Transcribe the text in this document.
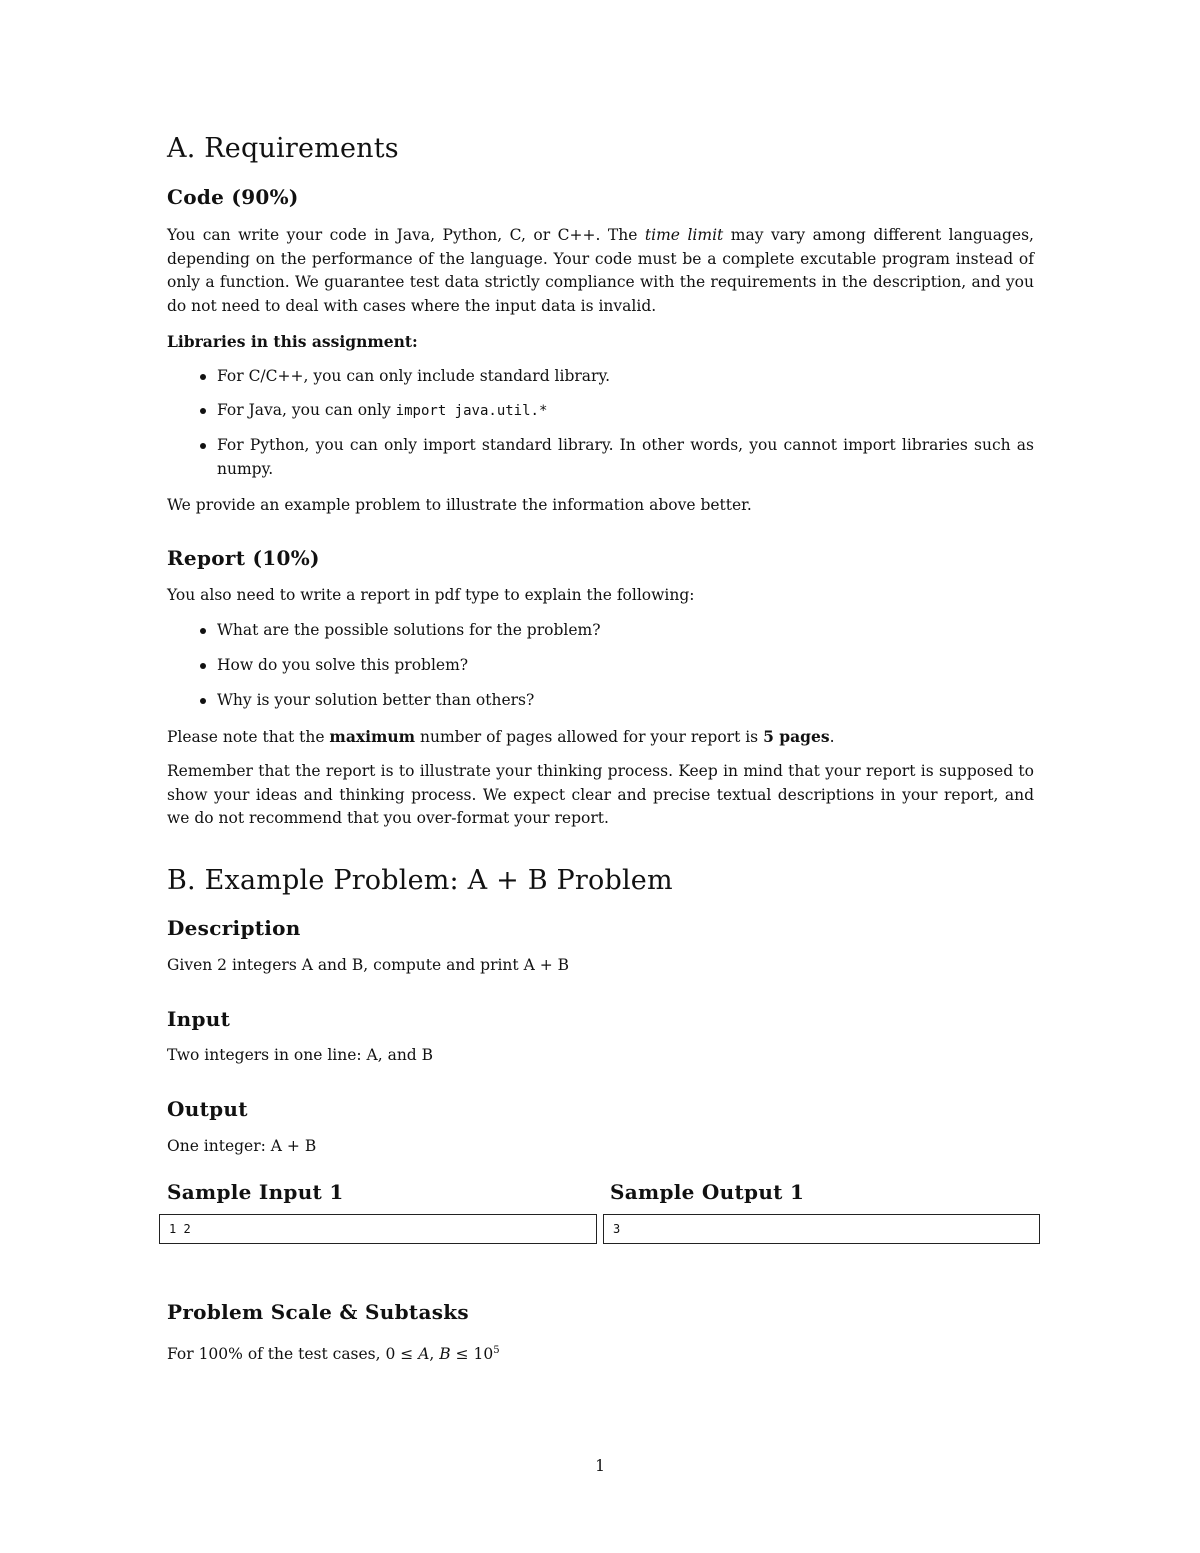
A. Requirements
Code (90%)

You can write your code in Java, Python, C, or C++. The time limit may vary among different languages, depending on the performance of the language. Your code must be a complete excutable program instead of only a function. We guarantee test data strictly compliance with the requirements in the description, and you do not need to deal with cases where the input data is invalid.

Libraries in this assignment:

For C/C++, you can only include standard library.
For Java, you can only import java.util.*
For Python, you can only import standard library. In other words, you cannot import libraries such as numpy.

We provide an example problem to illustrate the information above better.

Report (10%)

You also need to write a report in pdf type to explain the following:

What are the possible solutions for the problem?
How do you solve this problem?
Why is your solution better than others?

Please note that the maximum number of pages allowed for your report is 5 pages.

Remember that the report is to illustrate your thinking process. Keep in mind that your report is supposed to show your ideas and thinking process. We expect clear and precise textual descriptions in your report, and we do not recommend that you over-format your report.

B. Example Problem: A + B Problem
Description

Given 2 integers A and B, compute and print A + B

Input

Two integers in one line: A, and B

Output

One integer: A + B

Sample Input 1	Sample Output 1
1 2	3
Problem Scale & Subtasks

For 100% of the test cases, 0 ≤ A, $B \le 10^5$

1
